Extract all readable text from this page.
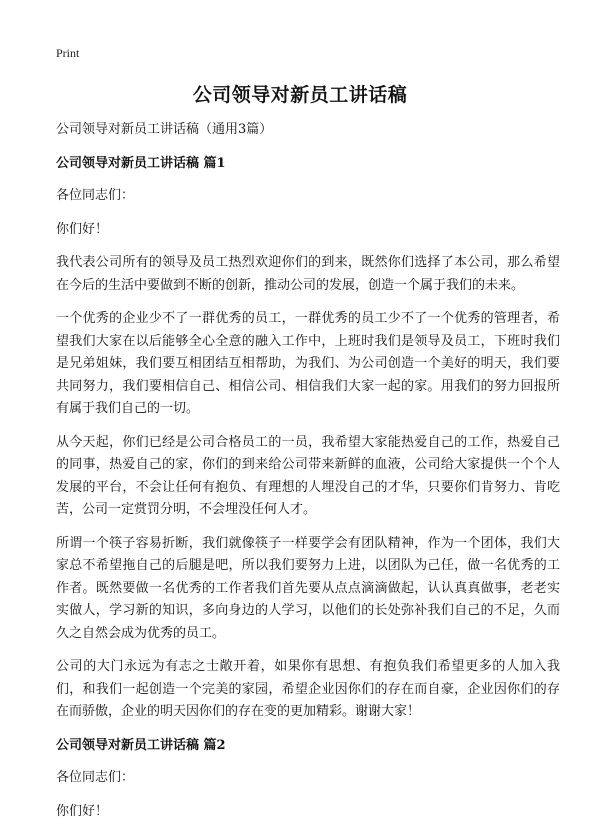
Print
公司领导对新员工讲话稿

公司领导对新员工讲话稿（通用3篇）

公司领导对新员工讲话稿 篇1

各位同志们：

你们好！

我代表公司所有的领导及员工热烈欢迎你们的到来，既然你们选择了本公司，那么希望在今后的生活中要做到不断的创新，推动公司的发展，创造一个属于我们的未来。

一个优秀的企业少不了一群优秀的员工，一群优秀的员工少不了一个优秀的管理者，希望我们大家在以后能够全心全意的融入工作中，上班时我们是领导及员工，下班时我们是兄弟姐妹，我们要互相团结互相帮助，为我们、为公司创造一个美好的明天，我们要共同努力，我们要相信自己、相信公司、相信我们大家一起的家。用我们的努力回报所有属于我们自己的一切。

从今天起，你们已经是公司合格员工的一员，我希望大家能热爱自己的工作，热爱自己的同事，热爱自己的家，你们的到来给公司带来新鲜的血液，公司给大家提供一个个人发展的平台，不会让任何有抱负、有理想的人埋没自己的才华，只要你们肯努力、肯吃苦，公司一定赏罚分明，不会埋没任何人才。

所谓一个筷子容易折断，我们就像筷子一样要学会有团队精神，作为一个团体，我们大家总不希望拖自己的后腿是吧，所以我们要努力上进，以团队为己任，做一名优秀的工作者。既然要做一名优秀的工作者我们首先要从点点滴滴做起，认认真真做事，老老实实做人，学习新的知识，多向身边的人学习，以他们的长处弥补我们自己的不足，久而久之自然会成为优秀的员工。

公司的大门永远为有志之士敞开着，如果你有思想、有抱负我们希望更多的人加入我们，和我们一起创造一个完美的家园，希望企业因你们的存在而自豪，企业因你们的存在而骄傲，企业的明天因你们的存在变的更加精彩。谢谢大家！

公司领导对新员工讲话稿 篇2

各位同志们：

你们好！
